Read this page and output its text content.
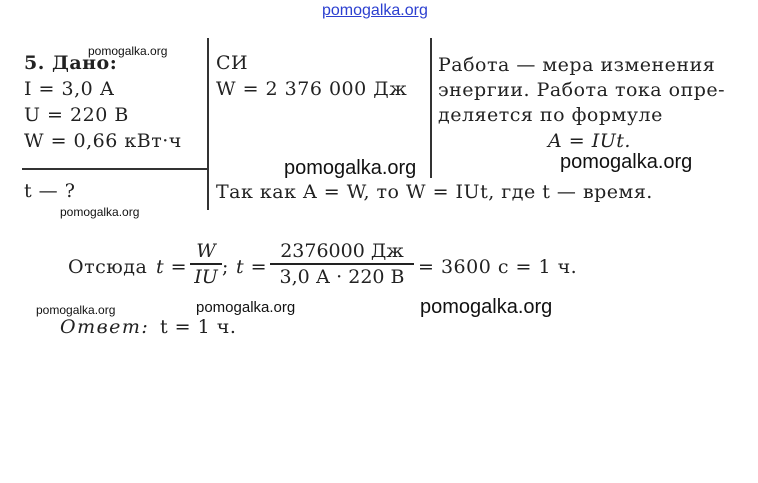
pomogalka.org
5. Дано:
pomogalka.org
I = 3,0 А
U = 220 В
W = 0,66 кВт·ч
t — ?
pomogalka.org
СИ
W = 2 376 000 Дж
Работа — мера изменения
энергии. Работа тока опре-
деляется по формуле
A = IUt.
pomogalka.org	pomogalka.org
Так как A = W, то W = IUt, где t — время.
Отсюда t =
W
IU ; t =
2376000 Дж
3,0 А · 220 В = 3600 с = 1 ч.
pomogalka.org	pomogalka.org	pomogalka.org
Ответ: t = 1 ч.
